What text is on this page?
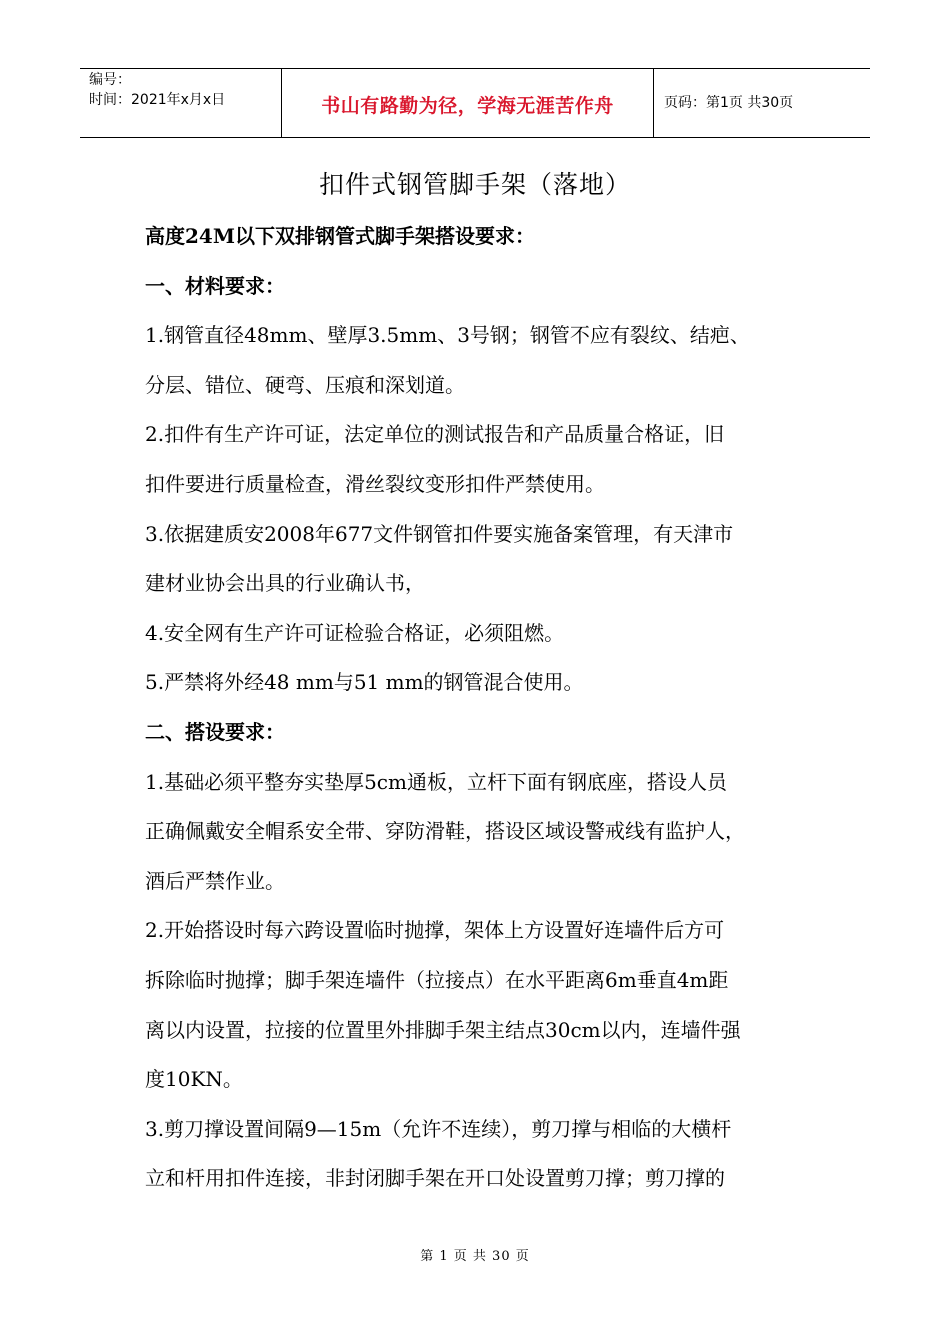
编号：
时间：2021年x月x日	书山有路勤为径，学海无涯苦作舟	页码：第1页 共30页
扣件式钢管脚手架（落地）
高度24M以下双排钢管式脚手架搭设要求：
一、材料要求：
1.钢管直径48mm、壁厚3.5mm、3号钢；钢管不应有裂纹、结疤、
分层、错位、硬弯、压痕和深划道。
2.扣件有生产许可证，法定单位的测试报告和产品质量合格证，旧
扣件要进行质量检查，滑丝裂纹变形扣件严禁使用。
3.依据建质安2008年677文件钢管扣件要实施备案管理，有天津市
建材业协会出具的行业确认书，
4.安全网有生产许可证检验合格证，必须阻燃。
5.严禁将外经48 mm与51 mm的钢管混合使用。
二、搭设要求：
1.基础必须平整夯实垫厚5cm通板，立杆下面有钢底座，搭设人员
正确佩戴安全帽系安全带、穿防滑鞋，搭设区域设警戒线有监护人，
酒后严禁作业。
2.开始搭设时每六跨设置临时抛撑，架体上方设置好连墙件后方可
拆除临时抛撑；脚手架连墙件（拉接点）在水平距离6m垂直4m距
离以内设置，拉接的位置里外排脚手架主结点30cm以内，连墙件强
度10KN。
3.剪刀撑设置间隔9—15m（允许不连续），剪刀撑与相临的大横杆
立和杆用扣件连接，非封闭脚手架在开口处设置剪刀撑；剪刀撑的
第 1 页 共 30 页
